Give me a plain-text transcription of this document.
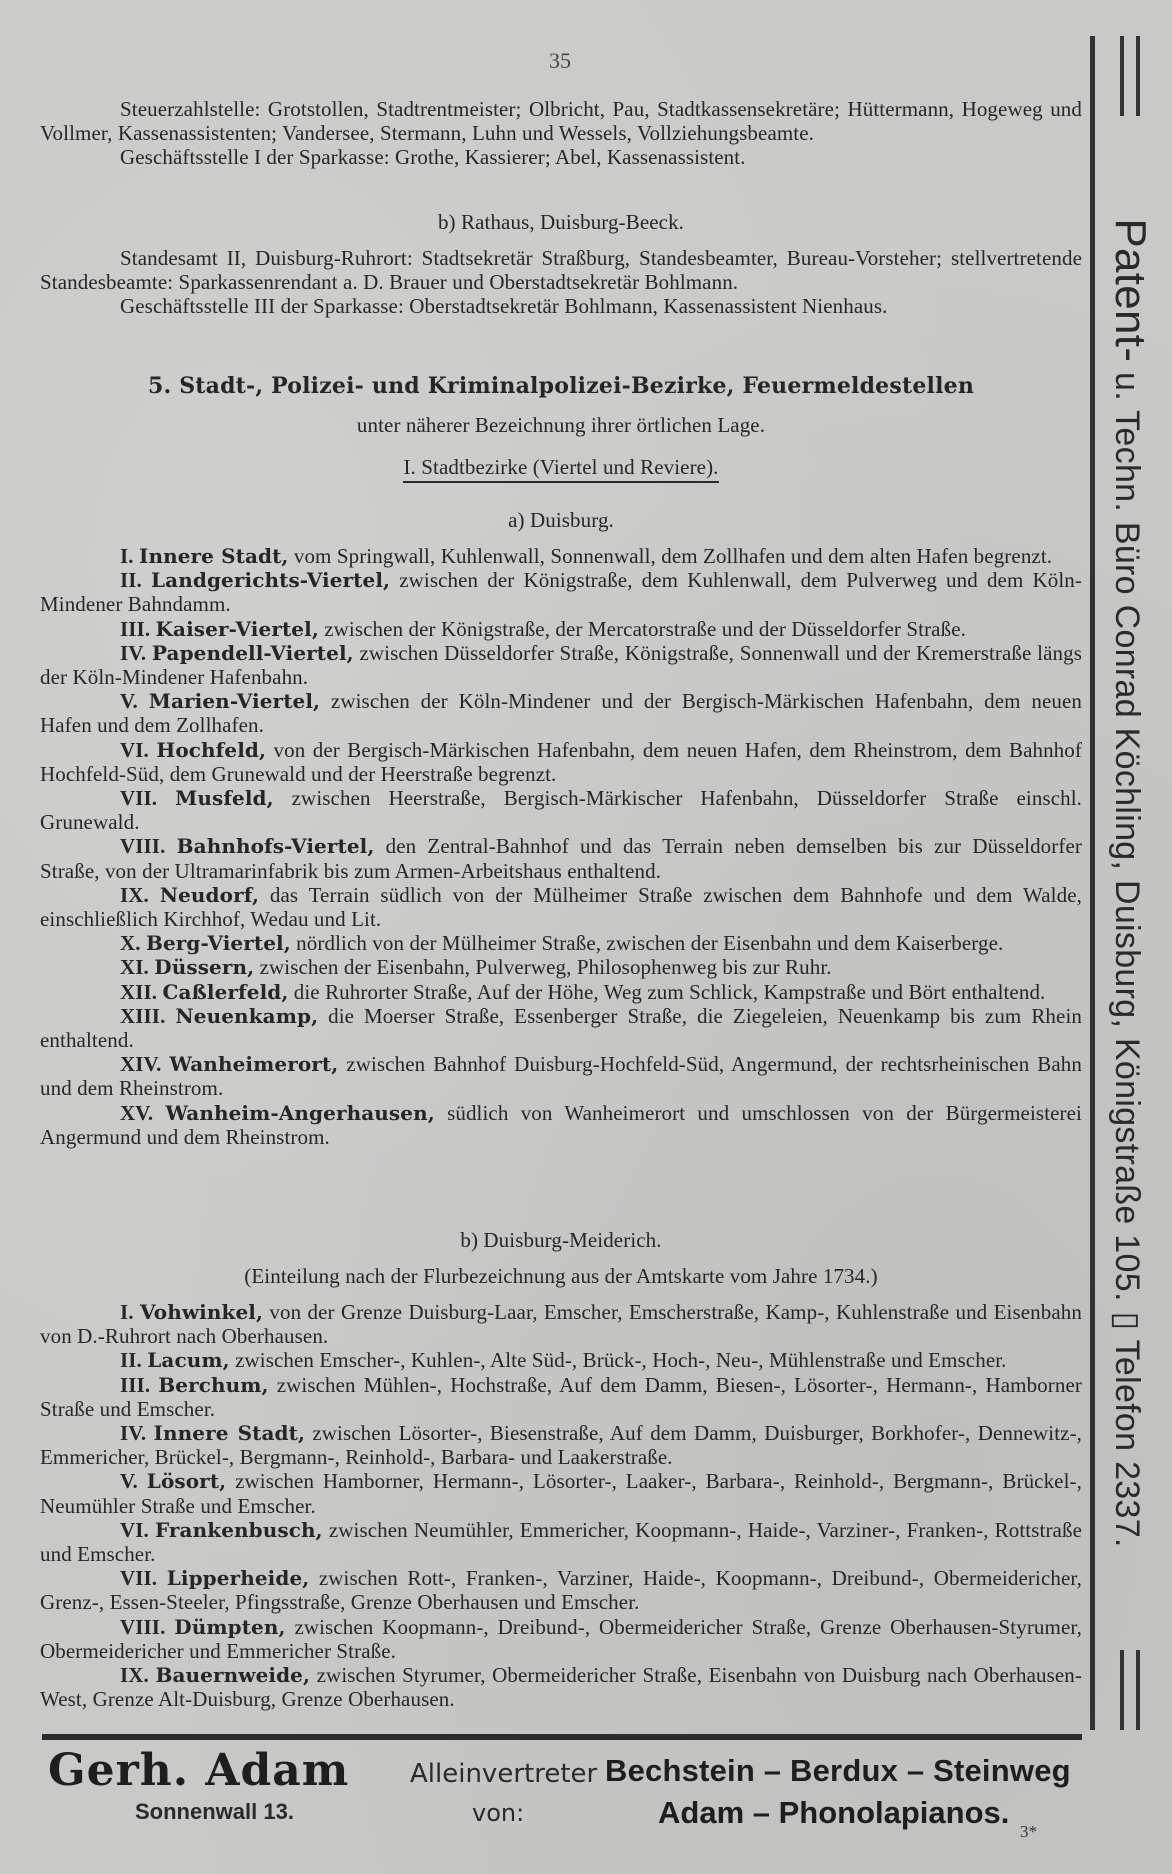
35

Steuerzahlstelle: Grotstollen, Stadtrentmeister; Olbricht, Pau, Stadtkassensekretäre; Hüttermann, Hogeweg und Vollmer, Kassenassistenten; Vandersee, Stermann, Luhn und Wessels, Vollziehungsbeamte.

Geschäftsstelle I der Sparkasse: Grothe, Kassierer; Abel, Kassenassistent.

b) Rathaus, Duisburg-Beeck.

Standesamt II, Duisburg-Ruhrort: Stadtsekretär Straßburg, Standesbeamter, Bureau-Vorsteher; stellvertretende Standesbeamte: Sparkassenrendant a. D. Brauer und Oberstadtsekretär Bohlmann.

Geschäftsstelle III der Sparkasse: Oberstadtsekretär Bohlmann, Kassenassistent Nienhaus.

5. Stadt-, Polizei- und Kriminalpolizei-Bezirke, Feuermeldestellen
unter näherer Bezeichnung ihrer örtlichen Lage.
I. Stadtbezirke (Viertel und Reviere).
a) Duisburg.

I. Innere Stadt, vom Springwall, Kuhlenwall, Sonnenwall, dem Zollhafen und dem alten Hafen begrenzt.

II. Landgerichts-Viertel, zwischen der Königstraße, dem Kuhlenwall, dem Pulverweg und dem Köln-Mindener Bahndamm.

III. Kaiser-Viertel, zwischen der Königstraße, der Mercatorstraße und der Düsseldorfer Straße.

IV. Papendell-Viertel, zwischen Düsseldorfer Straße, Königstraße, Sonnenwall und der Kremerstraße längs der Köln-Mindener Hafenbahn.

V. Marien-Viertel, zwischen der Köln-Mindener und der Bergisch-Märkischen Hafenbahn, dem neuen Hafen und dem Zollhafen.

VI. Hochfeld, von der Bergisch-Märkischen Hafenbahn, dem neuen Hafen, dem Rheinstrom, dem Bahnhof Hochfeld-Süd, dem Grunewald und der Heerstraße begrenzt.

VII. Musfeld, zwischen Heerstraße, Bergisch-Märkischer Hafenbahn, Düsseldorfer Straße einschl. Grunewald.

VIII. Bahnhofs-Viertel, den Zentral-Bahnhof und das Terrain neben demselben bis zur Düsseldorfer Straße, von der Ultramarinfabrik bis zum Armen-Arbeitshaus enthaltend.

IX. Neudorf, das Terrain südlich von der Mülheimer Straße zwischen dem Bahnhofe und dem Walde, einschließlich Kirchhof, Wedau und Lit.

X. Berg-Viertel, nördlich von der Mülheimer Straße, zwischen der Eisenbahn und dem Kaiserberge.

XI. Düssern, zwischen der Eisenbahn, Pulverweg, Philosophenweg bis zur Ruhr.

XII. Caßlerfeld, die Ruhrorter Straße, Auf der Höhe, Weg zum Schlick, Kampstraße und Bört enthaltend.

XIII. Neuenkamp, die Moerser Straße, Essenberger Straße, die Ziegeleien, Neuenkamp bis zum Rhein enthaltend.

XIV. Wanheimerort, zwischen Bahnhof Duisburg-Hochfeld-Süd, Angermund, der rechtsrheinischen Bahn und dem Rheinstrom.

XV. Wanheim-Angerhausen, südlich von Wanheimerort und umschlossen von der Bürgermeisterei Angermund und dem Rheinstrom.

b) Duisburg-Meiderich.
(Einteilung nach der Flurbezeichnung aus der Amtskarte vom Jahre 1734.)

I. Vohwinkel, von der Grenze Duisburg-Laar, Emscher, Emscherstraße, Kamp-, Kuhlenstraße und Eisenbahn von D.-Ruhrort nach Oberhausen.

II. Lacum, zwischen Emscher-, Kuhlen-, Alte Süd-, Brück-, Hoch-, Neu-, Mühlenstraße und Emscher.

III. Berchum, zwischen Mühlen-, Hochstraße, Auf dem Damm, Biesen-, Lösorter-, Hermann-, Hamborner Straße und Emscher.

IV. Innere Stadt, zwischen Lösorter-, Biesenstraße, Auf dem Damm, Duisburger, Borkhofer-, Dennewitz-, Emmericher, Brückel-, Bergmann-, Reinhold-, Barbara- und Laakerstraße.

V. Lösort, zwischen Hamborner, Hermann-, Lösorter-, Laaker-, Barbara-, Reinhold-, Bergmann-, Brückel-, Neumühler Straße und Emscher.

VI. Frankenbusch, zwischen Neumühler, Emmericher, Koopmann-, Haide-, Varziner-, Franken-, Rottstraße und Emscher.

VII. Lipperheide, zwischen Rott-, Franken-, Varziner, Haide-, Koopmann-, Dreibund-, Obermeidericher, Grenz-, Essen-Steeler, Pfingsstraße, Grenze Oberhausen und Emscher.

VIII. Dümpten, zwischen Koopmann-, Dreibund-, Obermeidericher Straße, Grenze Oberhausen-Styrumer, Obermeidericher und Emmericher Straße.

IX. Bauernweide, zwischen Styrumer, Obermeidericher Straße, Eisenbahn von Duisburg nach Oberhausen-West, Grenze Alt-Duisburg, Grenze Oberhausen.

Patent- u. Techn. Büro Conrad Köchling, Duisburg, Königstraße 105. ▯ Telefon 2337.
Gerh. Adam
Sonnenwall 13.
Alleinvertreter
von:
Bechstein – Berdux – Steinweg
Adam – Phonolapianos.
3*
